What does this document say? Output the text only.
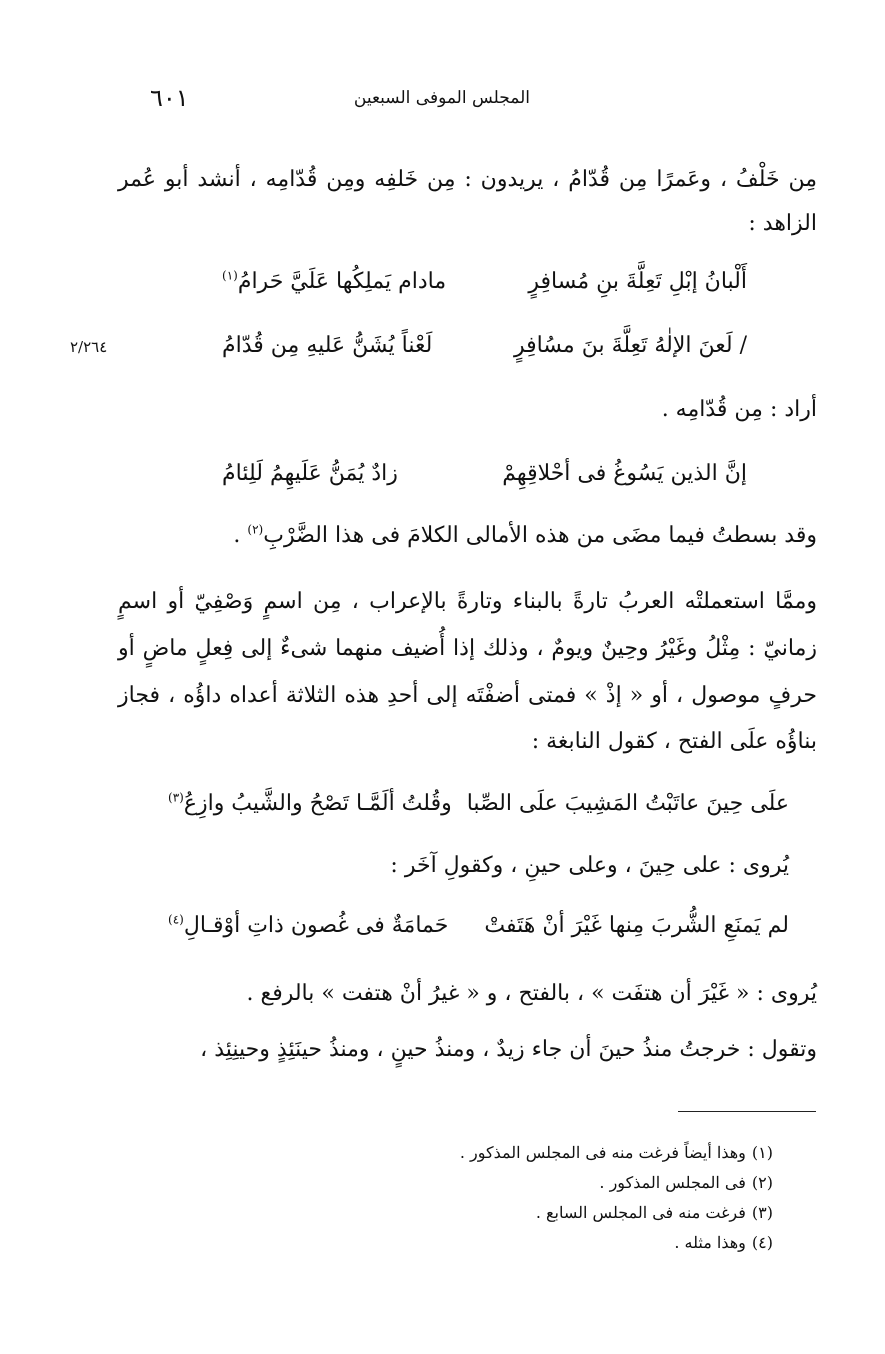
٦٠١	المجلس الموفى السبعين
مِن خَلْفُ ، وعَمرًا مِن قُدّامُ ، يريدون : مِن خَلفِه ومِن قُدّامِه ، أنشد أبو عُمر
الزاهد :
أَلْبانُ إبْلِ تَعِلَّةَ بنِ مُسافِرٍ
مادام يَملِكُها عَلَيَّ حَرامُ$^{(١)}$
/ لَعنَ الإلٰهُ تَعِلَّةَ بنَ مسُافِرٍ
لَعْناً يُشَنُّ عَليهِ مِن قُدّامُ
٢/٢٦٤
أراد : مِن قُدّامِه .
إنَّ الذين يَسُوغُ فى أحْلاقِهِمْ
زادٌ يُمَنُّ عَلَيهِمُ لَلِئامُ
وقد بسطتُ فيما مضَى من هذه الأمالى الكلامَ فى هذا الضَّرْبِ$^{(٢)}$ .
وممَّا استعملتْه العربُ تارةً بالبناء وتارةً بالإعراب ، مِن اسمٍ وَصْفِيّ أو اسمٍ
زمانيّ : مِثْلُ وغَيْرُ وحِينٌ ويومٌ ، وذلك إذا أُضيف منهما شىءٌ إلى فِعلٍ ماضٍ أو
حرفٍ موصول ، أو « إذْ » فمتى أضفْتَه إلى أحدِ هذه الثلاثة أعداه داؤُه ، فجاز
بناؤُه علَى الفتح ، كقول النابغة :
علَى حِينَ عاتَبْتُ المَشِيبَ علَى الصِّبا
وقُلتُ ألَمَّـا تَصْحُ والشَّيبُ وازِعُ$^{(٣)}$
يُروى : على حِينَ ، وعلى حينِ ، وكقولِ آخَر :
لم يَمنَعِ الشُّربَ مِنها غَيْرَ أنْ هَتَفتْ
حَمامَةٌ فى غُصون ذاتِ أوْقـالِ$^{(٤)}$
يُروى : « غَيْرَ أن هتفَت » ، بالفتح ، و « غيرُ أنْ هتفت » بالرفع .
وتقول : خرجتُ منذُ حينَ أن جاء زيدٌ ، ومنذُ حينٍ ، ومنذُ حينَئِذٍ وحينِئِذ ،
(١)وهذا أيضاً فرغت منه فى المجلس المذكور .
(٢)فى المجلس المذكور .
(٣)فرغت منه فى المجلس السابع .
(٤)وهذا مثله .
